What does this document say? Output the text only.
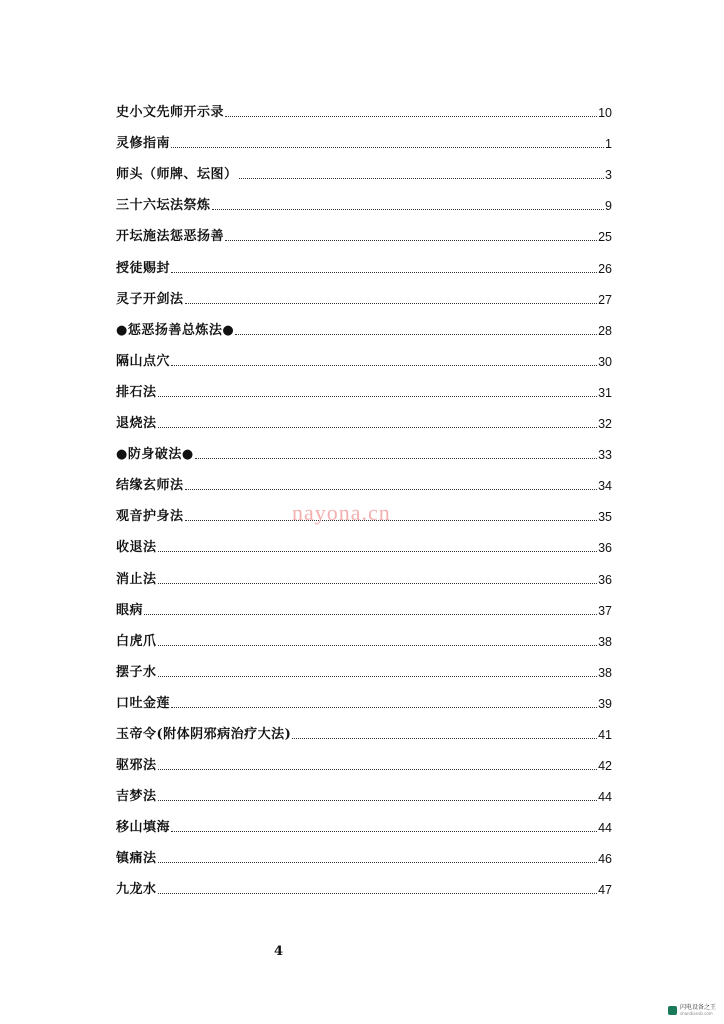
史小文先师开示录	10
灵修指南	1
师头（师牌、坛图）	3
三十六坛法祭炼	9
开坛施法惩恶扬善	25
授徒赐封	26
灵子开剑法	27
●惩恶扬善总炼法●	28
隔山点穴	30
排石法	31
退烧法	32
●防身破法●	33
结缘玄师法	34
观音护身法	35
收退法	36
消止法	36
眼病	37
白虎爪	38
摆子水	38
口吐金莲	39
玉帝令(附体阴邪病治疗大法)	41
驱邪法	42
吉梦法	44
移山填海	44
镇痛法	46
九龙水	47
nayona.cn
4
闪电设备之王
shandiansb.com
